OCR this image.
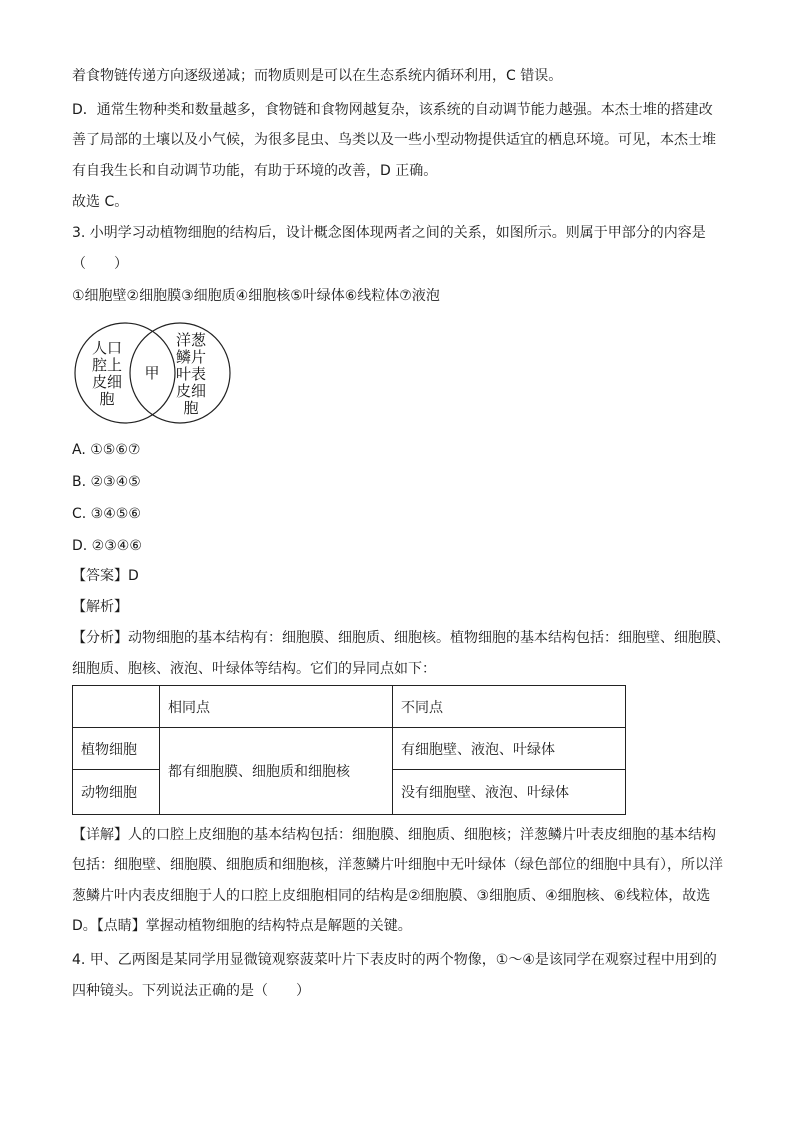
着食物链传递方向逐级递减；而物质则是可以在生态系统内循环利用，C 错误。
D．通常生物种类和数量越多，食物链和食物网越复杂，该系统的自动调节能力越强。本杰士堆的搭建改
善了局部的土壤以及小气候，为很多昆虫、鸟类以及一些小型动物提供适宜的栖息环境。可见，本杰士堆
有自我生长和自动调节功能，有助于环境的改善，D 正确。
故选 C。
3. 小明学习动植物细胞的结构后，设计概念图体现两者之间的关系，如图所示。则属于甲部分的内容是
（　　）
①细胞壁②细胞膜③细胞质④细胞核⑤叶绿体⑥线粒体⑦液泡
人口
腔上
皮细
胞
甲
洋葱
鳞片
叶表
皮细
胞
A. ①⑤⑥⑦
B. ②③④⑤
C. ③④⑤⑥
D. ②③④⑥
【答案】D
【解析】
【分析】动物细胞的基本结构有：细胞膜、细胞质、细胞核。植物细胞的基本结构包括：细胞壁、细胞膜、
细胞质、胞核、液泡、叶绿体等结构。它们的异同点如下：
	相同点	不同点
植物细胞	都有细胞膜、细胞质和细胞核	有细胞壁、液泡、叶绿体
动物细胞		没有细胞壁、液泡、叶绿体
【详解】人的口腔上皮细胞的基本结构包括：细胞膜、细胞质、细胞核；洋葱鳞片叶表皮细胞的基本结构
包括：细胞壁、细胞膜、细胞质和细胞核，洋葱鳞片叶细胞中无叶绿体（绿色部位的细胞中具有），所以洋
葱鳞片叶内表皮细胞于人的口腔上皮细胞相同的结构是②细胞膜、③细胞质、④细胞核、⑥线粒体，故选
D。【点睛】掌握动植物细胞的结构特点是解题的关键。
4. 甲、乙两图是某同学用显微镜观察菠菜叶片下表皮时的两个物像，①～④是该同学在观察过程中用到的
四种镜头。下列说法正确的是（　　）
